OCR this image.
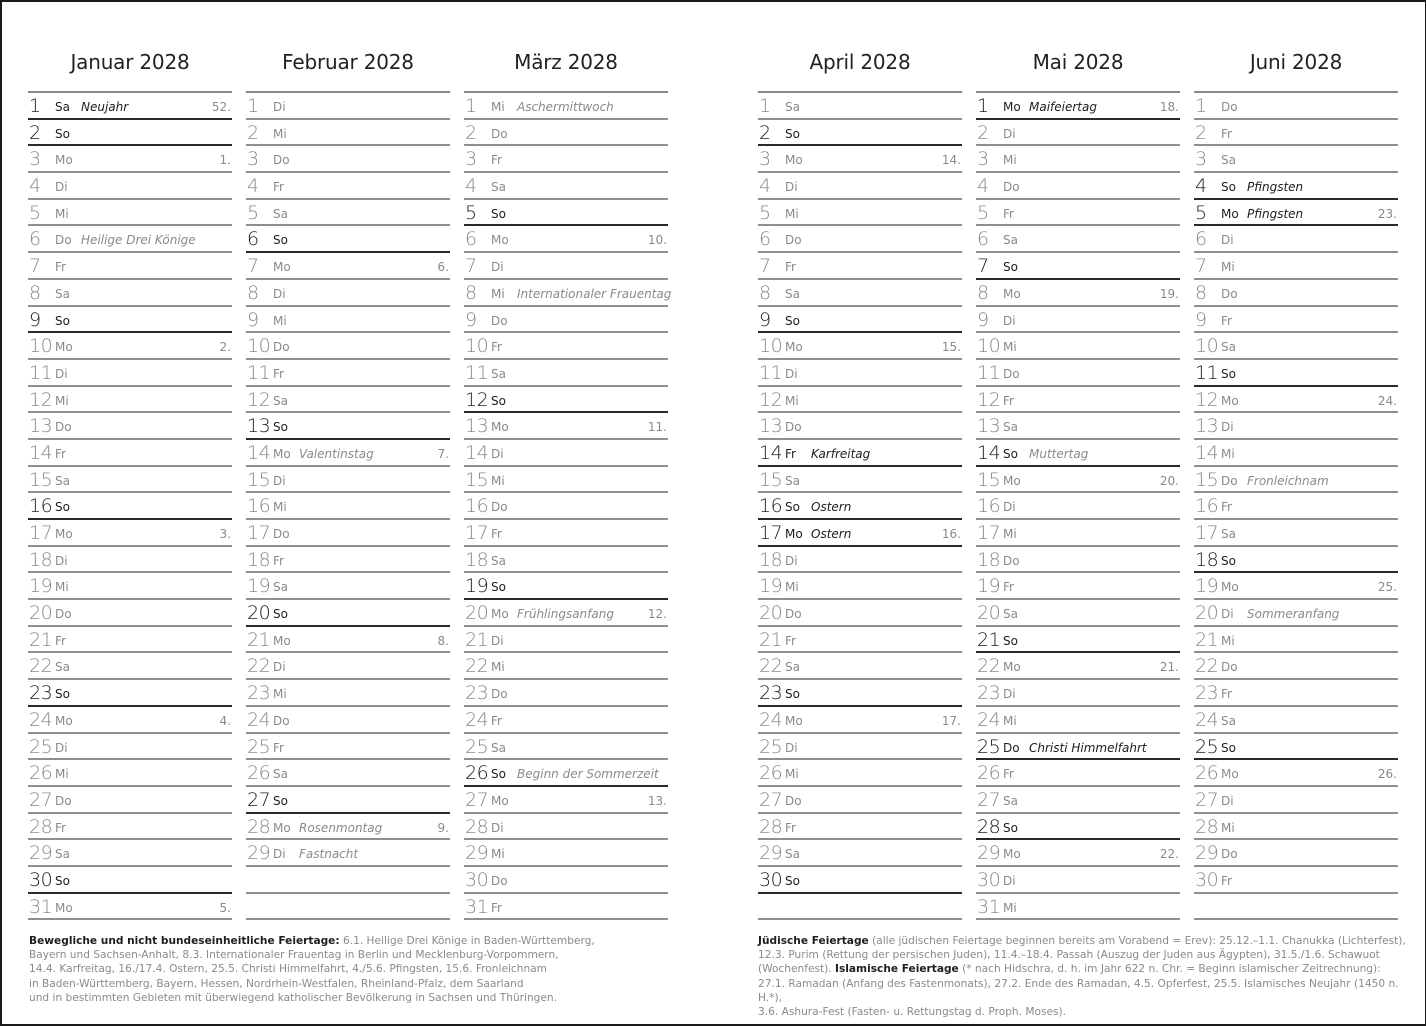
Januar 2028
1 Sa Neujahr	52.
2 So
3 Mo	1.
4 Di
5 Mi
6 Do Heilige Drei Könige
7 Fr
8 Sa
9 So
10 Mo	2.
11 Di
12 Mi
13 Do
14 Fr
15 Sa
16 So
17 Mo	3.
18 Di
19 Mi
20 Do
21 Fr
22 Sa
23 So
24 Mo	4.
25 Di
26 Mi
27 Do
28 Fr
29 Sa
30 So
31 Mo	5.
Februar 2028
1 Di
2 Mi
3 Do
4 Fr
5 Sa
6 So
7 Mo	6.
8 Di
9 Mi
10 Do
11 Fr
12 Sa
13 So
14 Mo Valentinstag	7.
15 Di
16 Mi
17 Do
18 Fr
19 Sa
20 So
21 Mo	8.
22 Di
23 Mi
24 Do
25 Fr
26 Sa
27 So
28 Mo Rosenmontag	9.
29 Di Fastnacht
März 2028
1 Mi Aschermittwoch
2 Do
3 Fr
4 Sa
5 So
6 Mo	10.
7 Di
8 Mi Internationaler Frauentag
9 Do
10 Fr
11 Sa
12 So
13 Mo	11.
14 Di
15 Mi
16 Do
17 Fr
18 Sa
19 So
20 Mo Frühlingsanfang	12.
21 Di
22 Mi
23 Do
24 Fr
25 Sa
26 So Beginn der Sommerzeit
27 Mo	13.
28 Di
29 Mi
30 Do
31 Fr
April 2028
1 Sa
2 So
3 Mo	14.
4 Di
5 Mi
6 Do
7 Fr
8 Sa
9 So
10 Mo	15.
11 Di
12 Mi
13 Do
14 Fr Karfreitag
15 Sa
16 So Ostern
17 Mo Ostern	16.
18 Di
19 Mi
20 Do
21 Fr
22 Sa
23 So
24 Mo	17.
25 Di
26 Mi
27 Do
28 Fr
29 Sa
30 So
Mai 2028
1 Mo Maifeiertag	18.
2 Di
3 Mi
4 Do
5 Fr
6 Sa
7 So
8 Mo	19.
9 Di
10 Mi
11 Do
12 Fr
13 Sa
14 So Muttertag
15 Mo	20.
16 Di
17 Mi
18 Do
19 Fr
20 Sa
21 So
22 Mo	21.
23 Di
24 Mi
25 Do Christi Himmelfahrt
26 Fr
27 Sa
28 So
29 Mo	22.
30 Di
31 Mi
Juni 2028
1 Do
2 Fr
3 Sa
4 So Pfingsten
5 Mo Pfingsten	23.
6 Di
7 Mi
8 Do
9 Fr
10 Sa
11 So
12 Mo	24.
13 Di
14 Mi
15 Do Fronleichnam
16 Fr
17 Sa
18 So
19 Mo	25.
20 Di Sommeranfang
21 Mi
22 Do
23 Fr
24 Sa
25 So
26 Mo	26.
27 Di
28 Mi
29 Do
30 Fr
Bewegliche und nicht bundeseinheitliche Feiertage: 6.1. Heilige Drei Könige in Baden-Württemberg,
Bayern und Sachsen-Anhalt, 8.3. Internationaler Frauentag in Berlin und Mecklenburg-Vorpommern,
14.4. Karfreitag, 16./17.4. Ostern, 25.5. Christi Himmelfahrt, 4./5.6. Pfingsten, 15.6. Fronleichnam
in Baden-Württemberg, Bayern, Hessen, Nordrhein-Westfalen, Rheinland-Pfalz, dem Saarland
und in bestimmten Gebieten mit überwiegend katholischer Bevölkerung in Sachsen und Thüringen.
Jüdische Feiertage (alle jüdischen Feiertage beginnen bereits am Vorabend = Erev): 25.12.–1.1. Chanukka (Lichterfest),
12.3. Purim (Rettung der persischen Juden), 11.4.–18.4. Passah (Auszug der Juden aus Ägypten), 31.5./1.6. Schawuot
(Wochenfest). Islamische Feiertage (* nach Hidschra, d. h. im Jahr 622 n. Chr. = Beginn islamischer Zeitrechnung):
27.1. Ramadan (Anfang des Fastenmonats), 27.2. Ende des Ramadan, 4.5. Opferfest, 25.5. Islamisches Neujahr (1450 n. H.*),
3.6. Ashura-Fest (Fasten- u. Rettungstag d. Proph. Moses).
